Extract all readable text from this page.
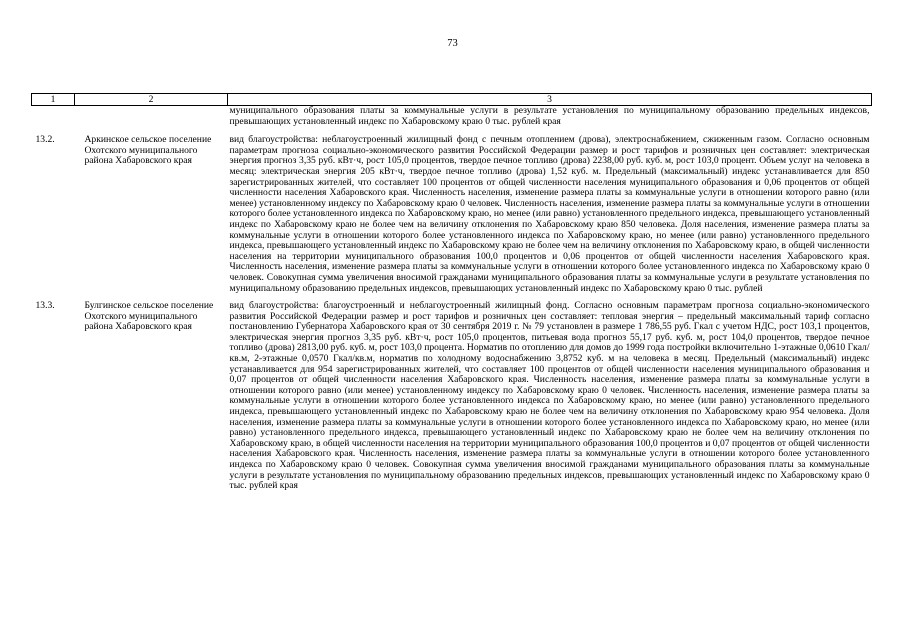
73
1	2	3
		муниципального образования платы за коммунальные услуги в результате установления по муниципальному образованию предельных индексов, превышающих установленный индекс по Хабаровскому краю 0 тыс. рублей края
13.2.	Аркинское сельское поселение Охотского муниципального района Хабаровского края	вид благоустройства: неблагоустроенный жилищный фонд с печным отоплением (дрова), электроснабжением, сжиженным газом. Согласно основным параметрам прогноза социально-экономического развития Российской Федерации размер и рост тарифов и розничных цен составляет: электрическая энергия прогноз 3,35 руб. кВт·ч, рост 105,0 процентов, твердое печное топливо (дрова) 2238,00 руб. куб. м, рост 103,0 процент. Объем услуг на человека в месяц: электрическая энергия 205 кВт·ч, твердое печное топливо (дрова) 1,52 куб. м. Предельный (максимальный) индекс устанавливается для 850 зарегистрированных жителей, что составляет 100 процентов от общей численности населения муниципального образования и 0,06 процентов от общей численности населения Хабаровского края. Численность населения, изменение размера платы за коммунальные услуги в отношении которого равно (или менее) установленному индексу по Хабаровскому краю 0 человек. Численность населения, изменение размера платы за коммунальные услуги в отношении которого более установленного индекса по Хабаровскому краю, но менее (или равно) установленного предельного индекса, превышающего установленный индекс по Хабаровскому краю не более чем на величину отклонения по Хабаровскому краю 850 человека. Доля населения, изменение размера платы за коммунальные услуги в отношении которого более установленного индекса по Хабаровскому краю, но менее (или равно) установленного предельного индекса, превышающего установленный индекс по Хабаровскому краю не более чем на величину отклонения по Хабаровскому краю, в общей численности населения на территории муниципального образования 100,0 процентов и 0,06 процентов от общей численности населения Хабаровского края. Численность населения, изменение размера платы за коммунальные услуги в отношении которого более установленного индекса по Хабаровскому краю 0 человек. Совокупная сумма увеличения вносимой гражданами муниципального образования платы за коммунальные услуги в результате установления по муниципальному образованию предельных индексов, превышающих установленный индекс по Хабаровскому краю 0 тыс. рублей
13.3.	Булгинское сельское поселение Охотского муниципального района Хабаровского края	вид благоустройства: благоустроенный и неблагоустроенный жилищный фонд. Согласно основным параметрам прогноза социально-экономического развития Российской Федерации размер и рост тарифов и розничных цен составляет: тепловая энергия – предельный максимальный тариф согласно постановлению Губернатора Хабаровского края от 30 сентября 2019 г. № 79 установлен в размере 1 786,55 руб. Гкал с учетом НДС, рост 103,1 процентов, электрическая энергия прогноз 3,35 руб. кВт·ч, рост 105,0 процентов, питьевая вода прогноз 55,17 руб. куб. м, рост 104,0 процентов, твердое печное топливо (дрова) 2813,00 руб. куб. м, рост 103,0 процента. Норматив по отоплению для домов до 1999 года постройки включительно 1-этажные 0,0610 Гкал/кв.м, 2-этажные 0,0570 Гкал/кв.м, норматив по холодному водоснабжению 3,8752 куб. м на человека в месяц. Предельный (максимальный) индекс устанавливается для 954 зарегистрированных жителей, что составляет 100 процентов от общей численности населения муниципального образования и 0,07 процентов от общей численности населения Хабаровского края. Численность населения, изменение размера платы за коммунальные услуги в отношении которого равно (или менее) установленному индексу по Хабаровскому краю 0 человек. Численность населения, изменение размера платы за коммунальные услуги в отношении которого более установленного индекса по Хабаровскому краю, но менее (или равно) установленного предельного индекса, превышающего установленный индекс по Хабаровскому краю не более чем на величину отклонения по Хабаровскому краю 954 человека. Доля населения, изменение размера платы за коммунальные услуги в отношении которого более установленного индекса по Хабаровскому краю, но менее (или равно) установленного предельного индекса, превышающего установленный индекс по Хабаровскому краю не более чем на величину отклонения по Хабаровскому краю, в общей численности населения на территории муниципального образования 100,0 процентов и 0,07 процентов от общей численности населения Хабаровского края. Численность населения, изменение размера платы за коммунальные услуги в отношении которого более установленного индекса по Хабаровскому краю 0 человек. Совокупная сумма увеличения вносимой гражданами муниципального образования платы за коммунальные услуги в результате установления по муниципальному образованию предельных индексов, превышающих установленный индекс по Хабаровскому краю 0 тыс. рублей края
